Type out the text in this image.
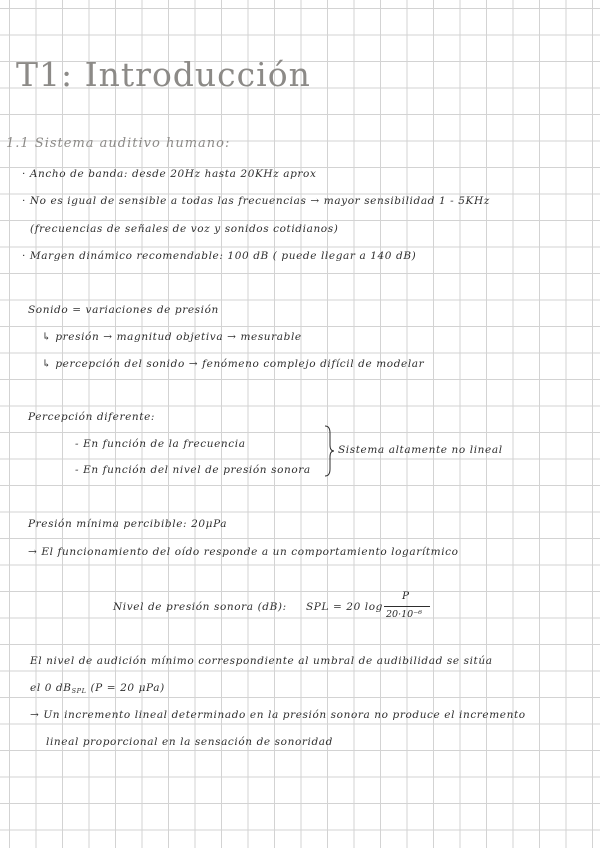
T1: Introducción
1.1 Sistema auditivo humano:
· Ancho de banda: desde 20Hz hasta 20KHz aprox
· No es igual de sensible a todas las frecuencias → mayor sensibilidad 1 - 5KHz
(frecuencias de señales de voz y sonidos cotidianos)
· Margen dinámico recomendable: 100 dB ( puede llegar a 140 dB)
Sonido = variaciones de presión
↳ presión → magnitud objetiva → mesurable
↳ percepción del sonido → fenómeno complejo difícil de modelar
Percepción diferente:
- En función de la frecuencia
- En función del nivel de presión sonora
Sistema altamente no lineal
Presión mínima percibible: 20μPa
→ El funcionamiento del oído responde a un comportamiento logarítmico
Nivel de presión sonora (dB): SPL = 20 log
P
20·10⁻⁶
El nivel de audición mínimo correspondiente al umbral de audibilidad se sitúa
el 0 dBSPL (P = 20 μPa)
→ Un incremento lineal determinado en la presión sonora no produce el incremento
lineal proporcional en la sensación de sonoridad
